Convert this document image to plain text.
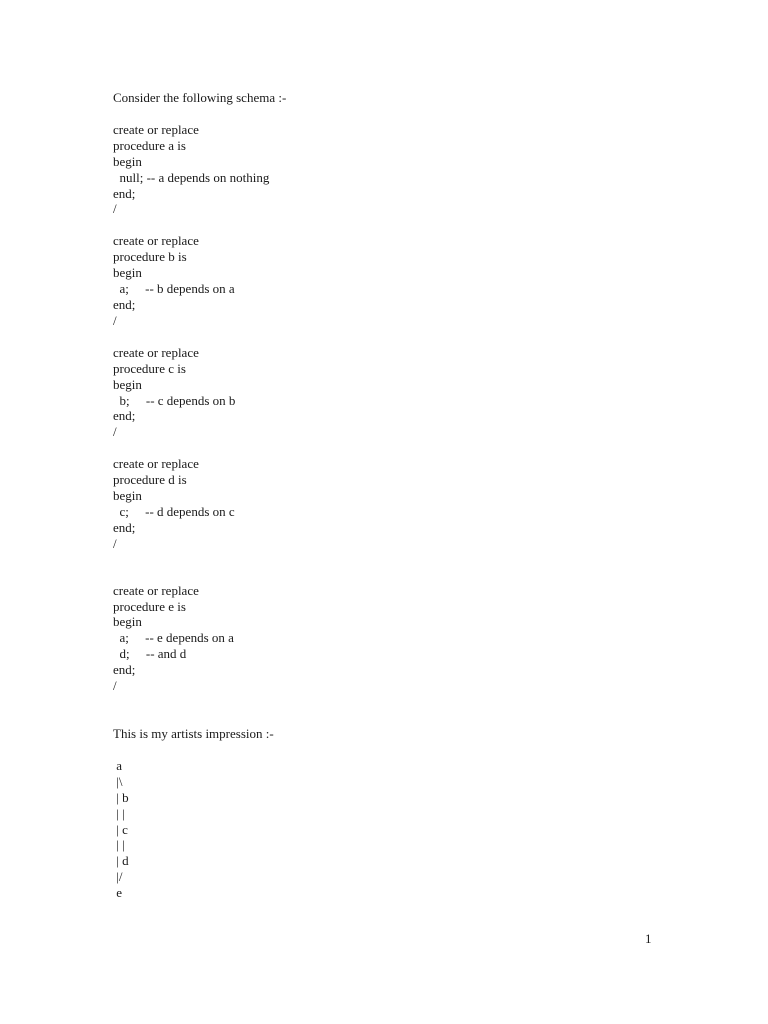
Consider the following schema :-
create or replace
procedure a is
begin
null; -- a depends on nothing
end;
/
create or replace
procedure b is
begin
a;     -- b depends on a
end;
/
create or replace
procedure c is
begin
b;     -- c depends on b
end;
/
create or replace
procedure d is
begin
c;     -- d depends on c
end;
/
create or replace
procedure e is
begin
a;     -- e depends on a
d;     -- and d
end;
/
This is my artists impression :-
a
|\
| b
| |
| c
| |
| d
|/
e
1
